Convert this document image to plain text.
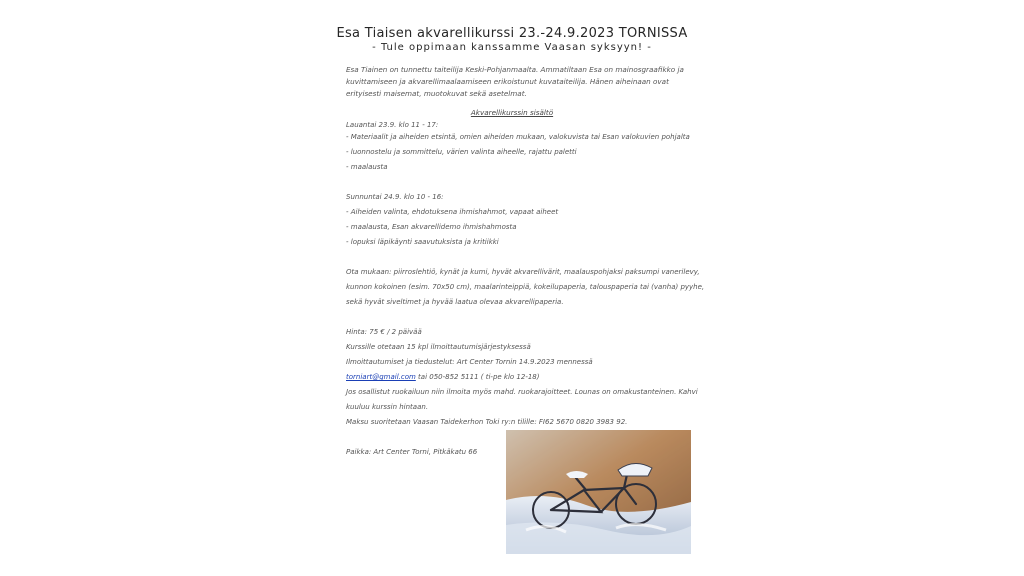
Esa Tiaisen akvarellikurssi 23.-24.9.2023 TORNISSA
- Tule oppimaan kanssamme Vaasan syksyyn! -
Esa Tiainen on tunnettu taiteilija Keski-Pohjanmaalta. Ammatiltaan Esa on mainosgraafikko ja kuvittamiseen ja akvarellimaalaamiseen erikoistunut kuvataiteilija. Hänen aiheinaan ovat erityisesti maisemat, muotokuvat sekä asetelmat.
Akvarellikurssin sisältö
Lauantai 23.9. klo 11 - 17:
- Materiaalit ja aiheiden etsintä, omien aiheiden mukaan, valokuvista tai Esan valokuvien pohjalta
- luonnostelu ja sommittelu, värien valinta aiheelle, rajattu paletti
- maalausta
Sunnuntai 24.9. klo 10 - 16:
- Aiheiden valinta, ehdotuksena ihmishahmot, vapaat aiheet
- maalausta, Esan akvarellidemo ihmishahmosta
- lopuksi läpikäynti saavutuksista ja kritiikki
Ota mukaan: piirroslehtiö, kynät ja kumi, hyvät akvarellivärit, maalauspohjaksi paksumpi vanerilevy,
kunnon kokoinen (esim. 70x50 cm), maalarinteippiä, kokeilupaperia, talouspaperia tai (vanha) pyyhe,
sekä hyvät siveltimet ja hyvää laatua olevaa akvarellipaperia.
Hinta: 75 € / 2 päivää
Kurssille otetaan 15 kpl ilmoittautumisjärjestyksessä
Ilmoittautumiset ja tiedustelut: Art Center Tornin 14.9.2023 mennessä
torniart@gmail.com tai 050-852 5111 ( ti-pe klo 12-18)
Jos osallistut ruokailuun niin ilmoita myös mahd. ruokarajoitteet. Lounas on omakustanteinen. Kahvi
kuuluu kurssin hintaan.
Maksu suoritetaan Vaasan Taidekerhon Toki ry:n tilille: FI62 5670 0820 3983 92.
Paikka: Art Center Torni, Pitkäkatu 66
